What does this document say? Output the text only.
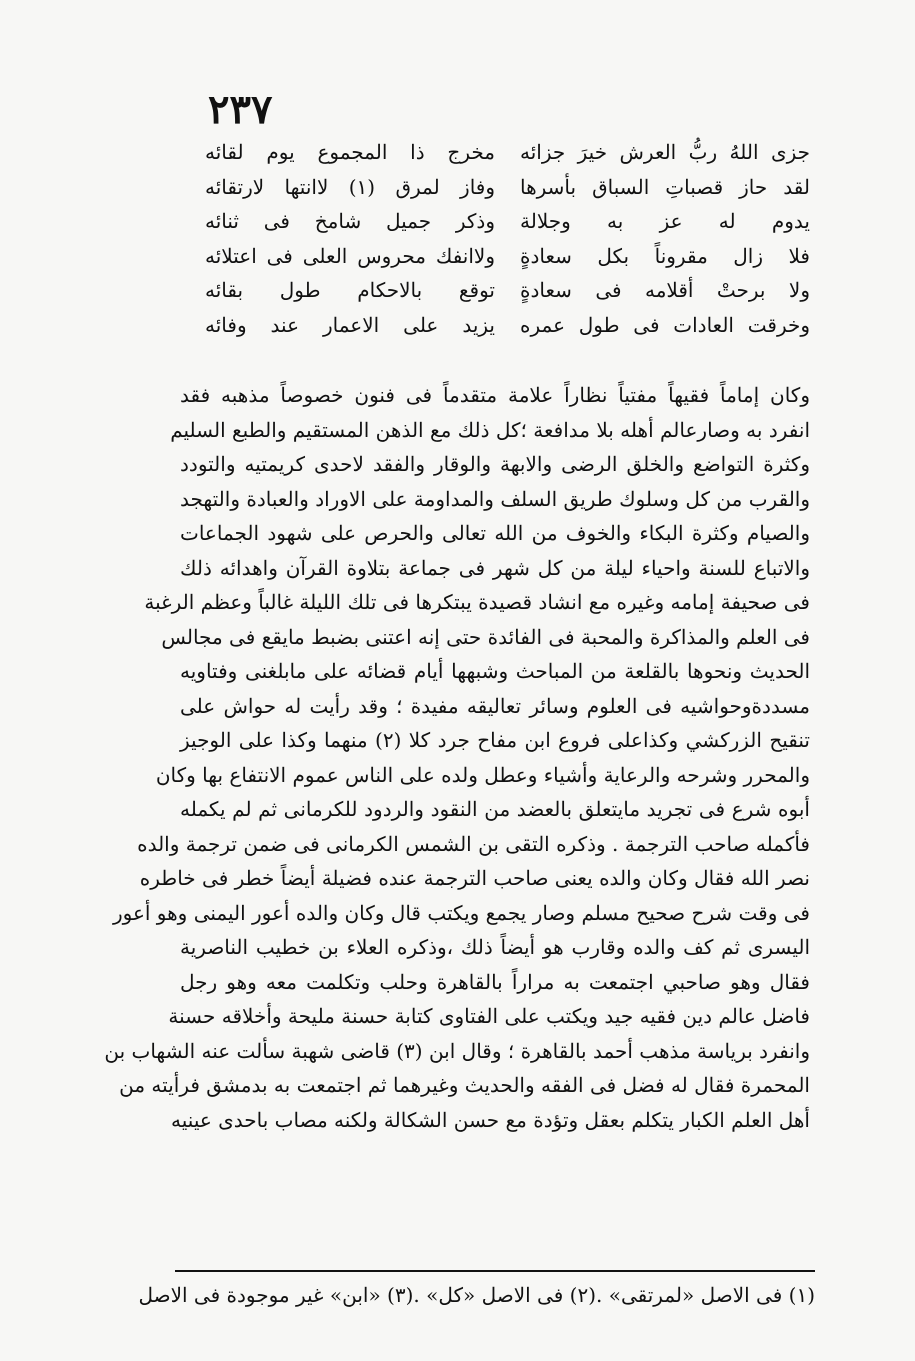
٢٣٧
جزى اللهُ ربُّ العرش خيرَ جزائه
مخرج ذا المجموع يوم لقائه
لقد حاز قصباتِ السباق بأسرها
وفاز لمرق (١) لاانتها لارتقائه
يدوم له عز به وجلالة
وذكر جميل شامخ فى ثنائه
فلا زال مقروناً بكل سعادةٍ
ولاانفك محروس العلى فى اعتلائه
ولا برحتْ أقلامه فى سعادةٍ
توقع بالاحكام طول بقائه
وخرقت العادات فى طول عمره
يزيد على الاعمار عند وفائه
وكان إماماً فقيهاً مفتياً نظاراً علامة متقدماً فى فنون خصوصاً مذهبه فقد
انفرد به وصارعالم أهله بلا مدافعة ؛كل ذلك مع الذهن المستقيم والطبع السليم
وكثرة التواضع والخلق الرضى والابهة والوقار والفقد لاحدى كريمتيه والتودد
والقرب من كل وسلوك طريق السلف والمداومة على الاوراد والعبادة والتهجد
والصيام وكثرة البكاء والخوف من الله تعالى والحرص على شهود الجماعات
والاتباع للسنة واحياء ليلة من كل شهر فى جماعة بتلاوة القرآن واهدائه ذلك
فى صحيفة إمامه وغيره مع انشاد قصيدة يبتكرها فى تلك الليلة غالباً وعظم الرغبة
فى العلم والمذاكرة والمحبة فى الفائدة حتى إنه اعتنى بضبط مايقع فى مجالس
الحديث ونحوها بالقلعة من المباحث وشبهها أيام قضائه على مابلغنى وفتاويه
مسددةوحواشيه فى العلوم وسائر تعاليقه مفيدة ؛ وقد رأيت له حواش على
تنقيح الزركشي وكذاعلى فروع ابن مفاح جرد كلا (٢) منهما وكذا على الوجيز
والمحرر وشرحه والرعاية وأشياء وعطل ولده على الناس عموم الانتفاع بها وكان
أبوه شرع فى تجريد مايتعلق بالعضد من النقود والردود للكرمانى ثم لم يكمله
فأكمله صاحب الترجمة . وذكره التقى بن الشمس الكرمانى فى ضمن ترجمة والده
نصر الله فقال وكان والده يعنى صاحب الترجمة عنده فضيلة أيضاً خطر فى خاطره
فى وقت شرح صحيح مسلم وصار يجمع ويكتب قال وكان والده أعور اليمنى وهو أعور
اليسرى ثم كف والده وقارب هو أيضاً ذلك ،وذكره العلاء بن خطيب الناصرية
فقال وهو صاحبي اجتمعت به مراراً بالقاهرة وحلب وتكلمت معه وهو رجل
فاضل عالم دين فقيه جيد ويكتب على الفتاوى كتابة حسنة مليحة وأخلاقه حسنة
وانفرد برياسة مذهب أحمد بالقاهرة ؛ وقال ابن (٣) قاضى شهبة سألت عنه الشهاب بن
المحمرة فقال له فضل فى الفقه والحديث وغيرهما ثم اجتمعت به بدمشق فرأيته من
أهل العلم الكبار يتكلم بعقل وتؤدة مع حسن الشكالة ولكنه مصاب باحدى عينيه
(١) فى الاصل «لمرتقى» .(٢) فى الاصل «كل» .(٣) «ابن» غير موجودة فى الاصل
